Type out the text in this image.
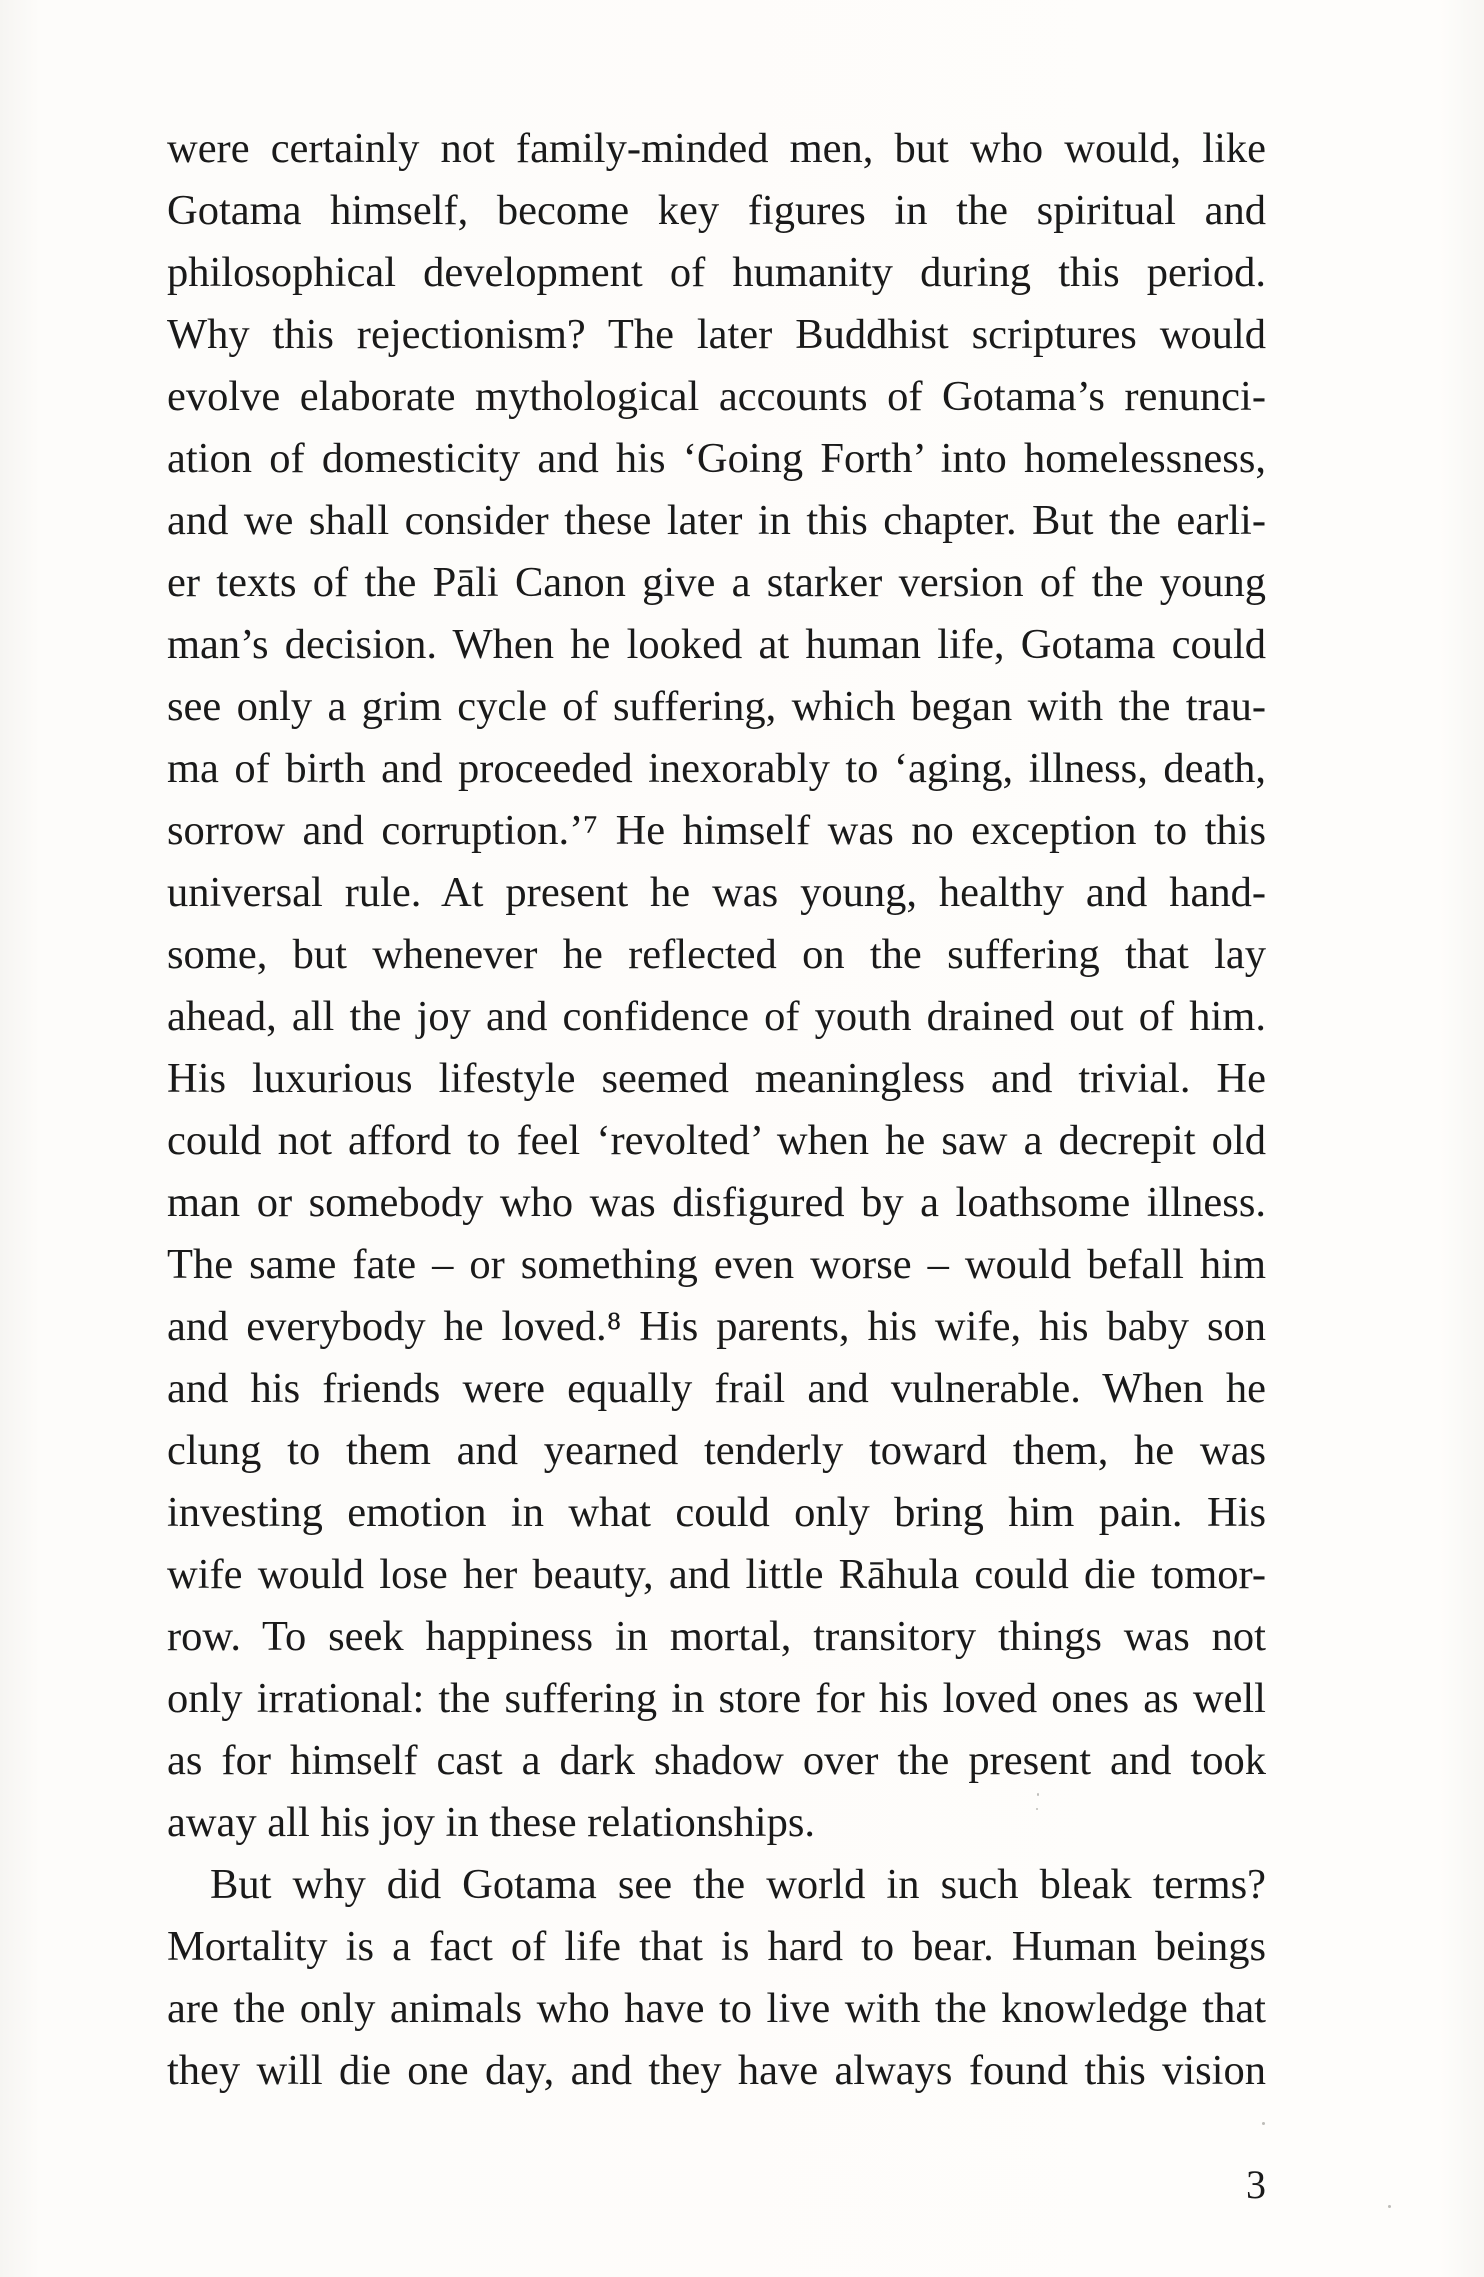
were certainly not family-minded men, but who would, like
Gotama himself, become key figures in the spiritual and
philosophical development of humanity during this period.
Why this rejectionism? The later Buddhist scriptures would
evolve elaborate mythological accounts of Gotama’s renunci-
ation of domesticity and his ‘Going Forth’ into homelessness,
and we shall consider these later in this chapter. But the earli-
er texts of the Pāli Canon give a starker version of the young
man’s decision. When he looked at human life, Gotama could
see only a grim cycle of suffering, which began with the trau-
ma of birth and proceeded inexorably to ‘aging, illness, death,
sorrow and corruption.’⁷ He himself was no exception to this
universal rule. At present he was young, healthy and hand-
some, but whenever he reflected on the suffering that lay
ahead, all the joy and confidence of youth drained out of him.
His luxurious lifestyle seemed meaningless and trivial. He
could not afford to feel ‘revolted’ when he saw a decrepit old
man or somebody who was disfigured by a loathsome illness.
The same fate – or something even worse – would befall him
and everybody he loved.⁸ His parents, his wife, his baby son
and his friends were equally frail and vulnerable. When he
clung to them and yearned tenderly toward them, he was
investing emotion in what could only bring him pain. His
wife would lose her beauty, and little Rāhula could die tomor-
row. To seek happiness in mortal, transitory things was not
only irrational: the suffering in store for his loved ones as well
as for himself cast a dark shadow over the present and took
away all his joy in these relationships.
But why did Gotama see the world in such bleak terms?
Mortality is a fact of life that is hard to bear. Human beings
are the only animals who have to live with the knowledge that
they will die one day, and they have always found this vision
3
